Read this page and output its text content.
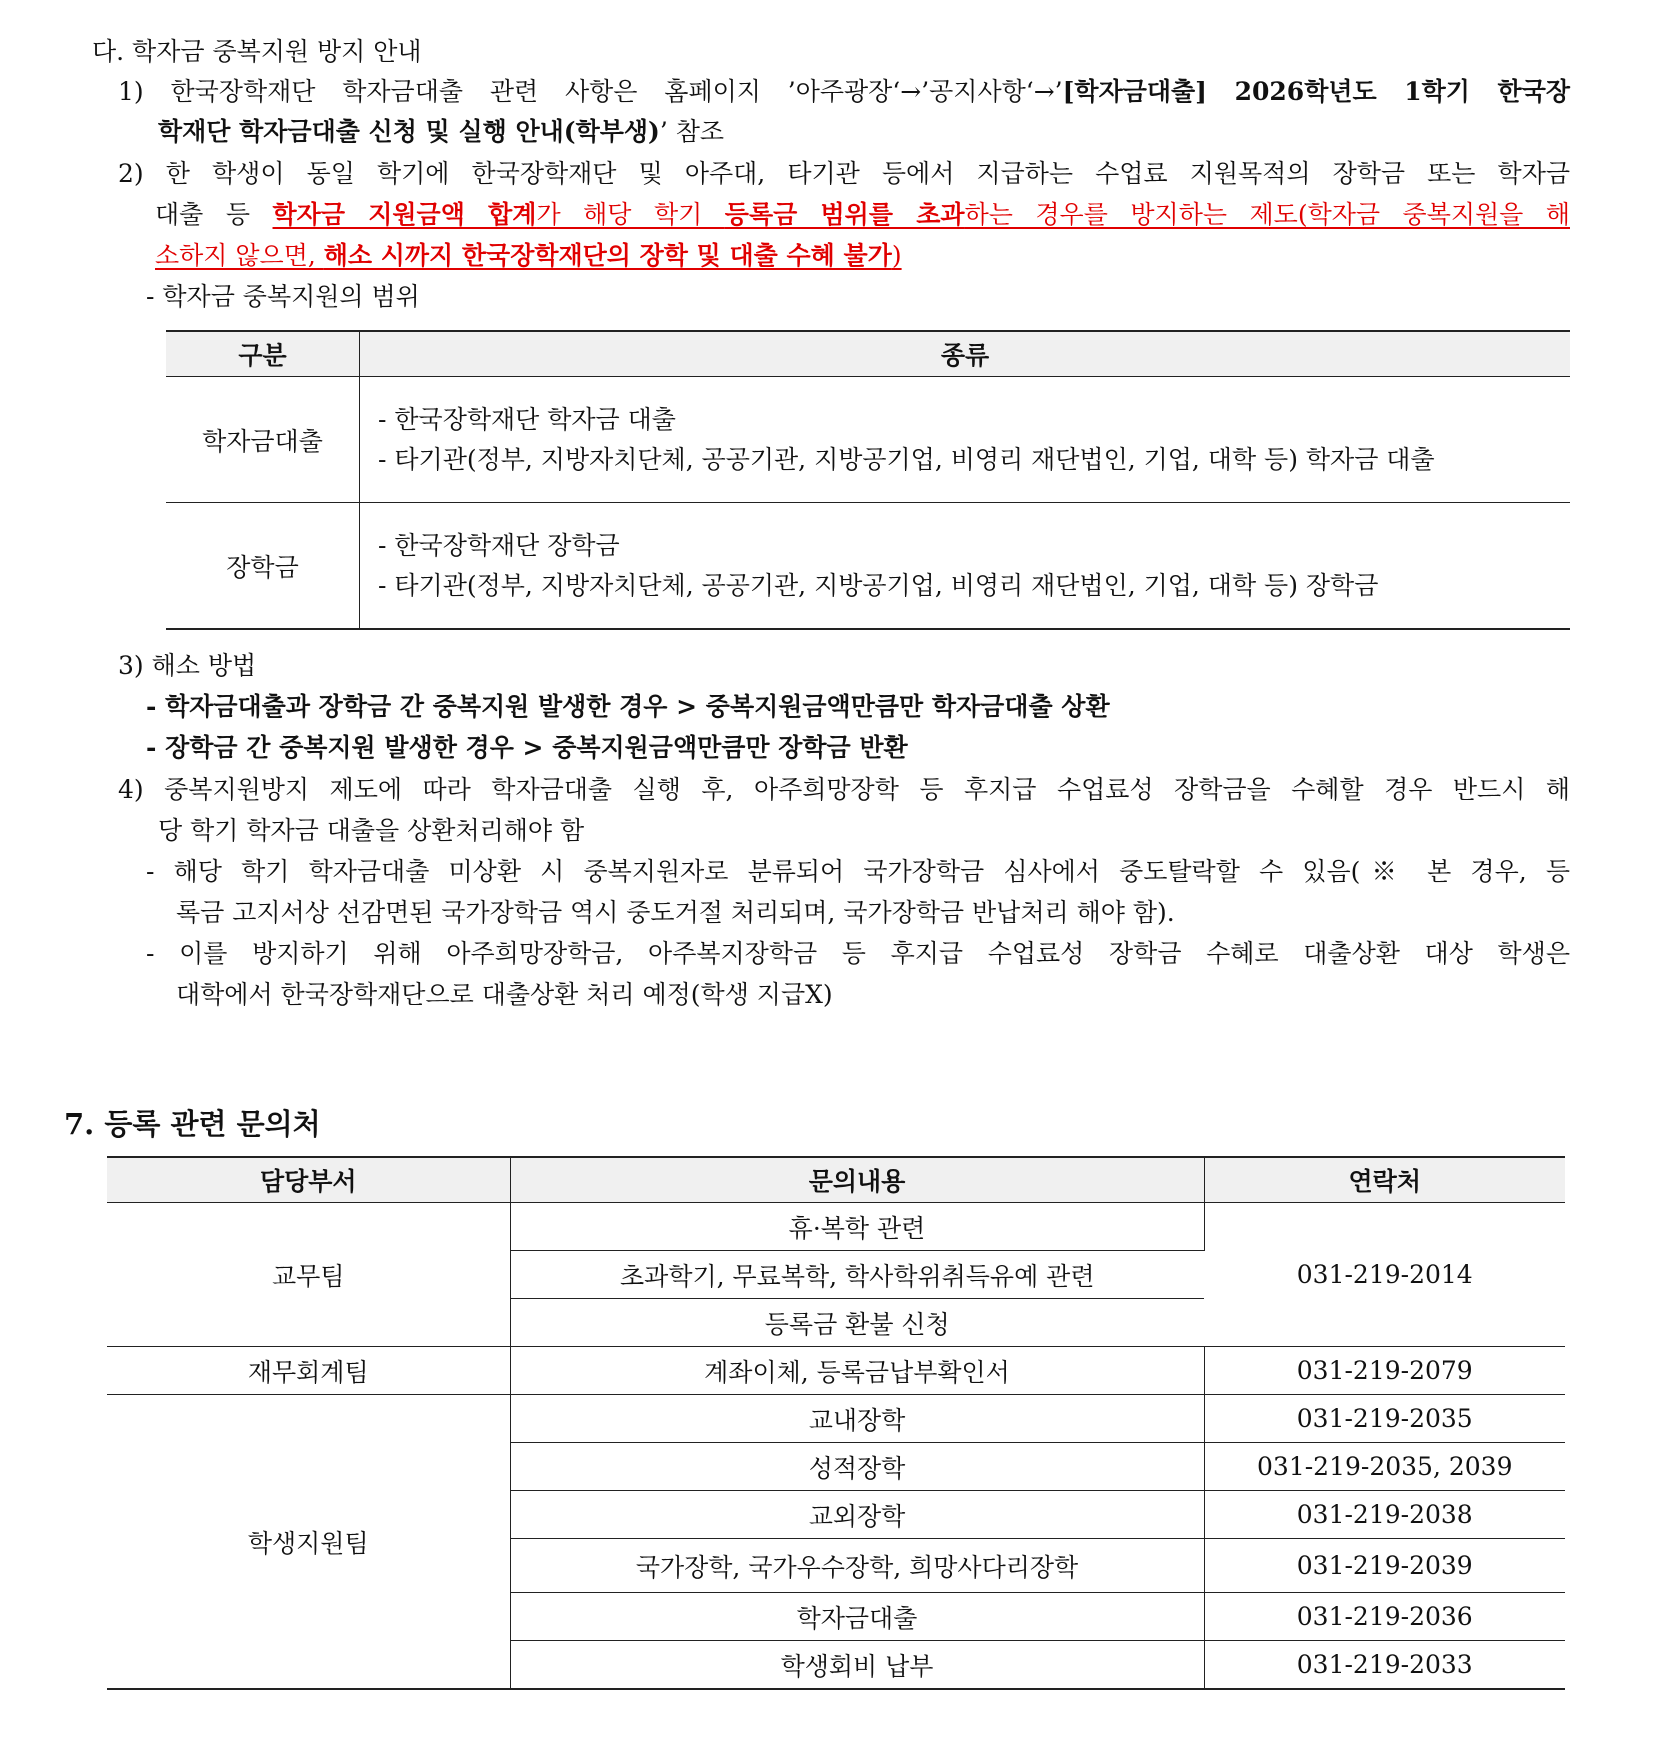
다. 학자금 중복지원 방지 안내
1) 한국장학재단 학자금대출 관련 사항은 홈페이지 ’아주광장‘→’공지사항‘→’[학자금대출] 2026학년도 1학기 한국장
학재단 학자금대출 신청 및 실행 안내(학부생)’ 참조
2) 한 학생이 동일 학기에 한국장학재단 및 아주대, 타기관 등에서 지급하는 수업료 지원목적의 장학금 또는 학자금
대출 등 학자금 지원금액 합계가 해당 학기 등록금 범위를 초과하는 경우를 방지하는 제도(학자금 중복지원을 해
소하지 않으면, 해소 시까지 한국장학재단의 장학 및 대출 수혜 불가)
- 학자금 중복지원의 범위
구분	종류
학자금대출	- 한국장학재단 학자금 대출
- 타기관(정부, 지방자치단체, 공공기관, 지방공기업, 비영리 재단법인, 기업, 대학 등) 학자금 대출

장학금	- 한국장학재단 장학금
- 타기관(정부, 지방자치단체, 공공기관, 지방공기업, 비영리 재단법인, 기업, 대학 등) 장학금
3) 해소 방법
- 학자금대출과 장학금 간 중복지원 발생한 경우 > 중복지원금액만큼만 학자금대출 상환
- 장학금 간 중복지원 발생한 경우 > 중복지원금액만큼만 장학금 반환
4) 중복지원방지 제도에 따라 학자금대출 실행 후, 아주희망장학 등 후지급 수업료성 장학금을 수혜할 경우 반드시 해
당 학기 학자금 대출을 상환처리해야 함
- 해당 학기 학자금대출 미상환 시 중복지원자로 분류되어 국가장학금 심사에서 중도탈락할 수 있음(※ 본 경우, 등
록금 고지서상 선감면된 국가장학금 역시 중도거절 처리되며, 국가장학금 반납처리 해야 함).
- 이를 방지하기 위해 아주희망장학금, 아주복지장학금 등 후지급 수업료성 장학금 수혜로 대출상환 대상 학생은
대학에서 한국장학재단으로 대출상환 처리 예정(학생 지급X)
7. 등록 관련 문의처
담당부서	문의내용	연락처
교무팀	휴·복학 관련	031-219-2014
	초과학기, 무료복학, 학사학위취득유예 관련	
	등록금 환불 신청	
재무회계팀	계좌이체, 등록금납부확인서	031-219-2079
학생지원팀	교내장학	031-219-2035
	성적장학	031-219-2035, 2039
	교외장학	031-219-2038
	국가장학, 국가우수장학, 희망사다리장학	031-219-2039
	학자금대출	031-219-2036
	학생회비 납부	031-219-2033
